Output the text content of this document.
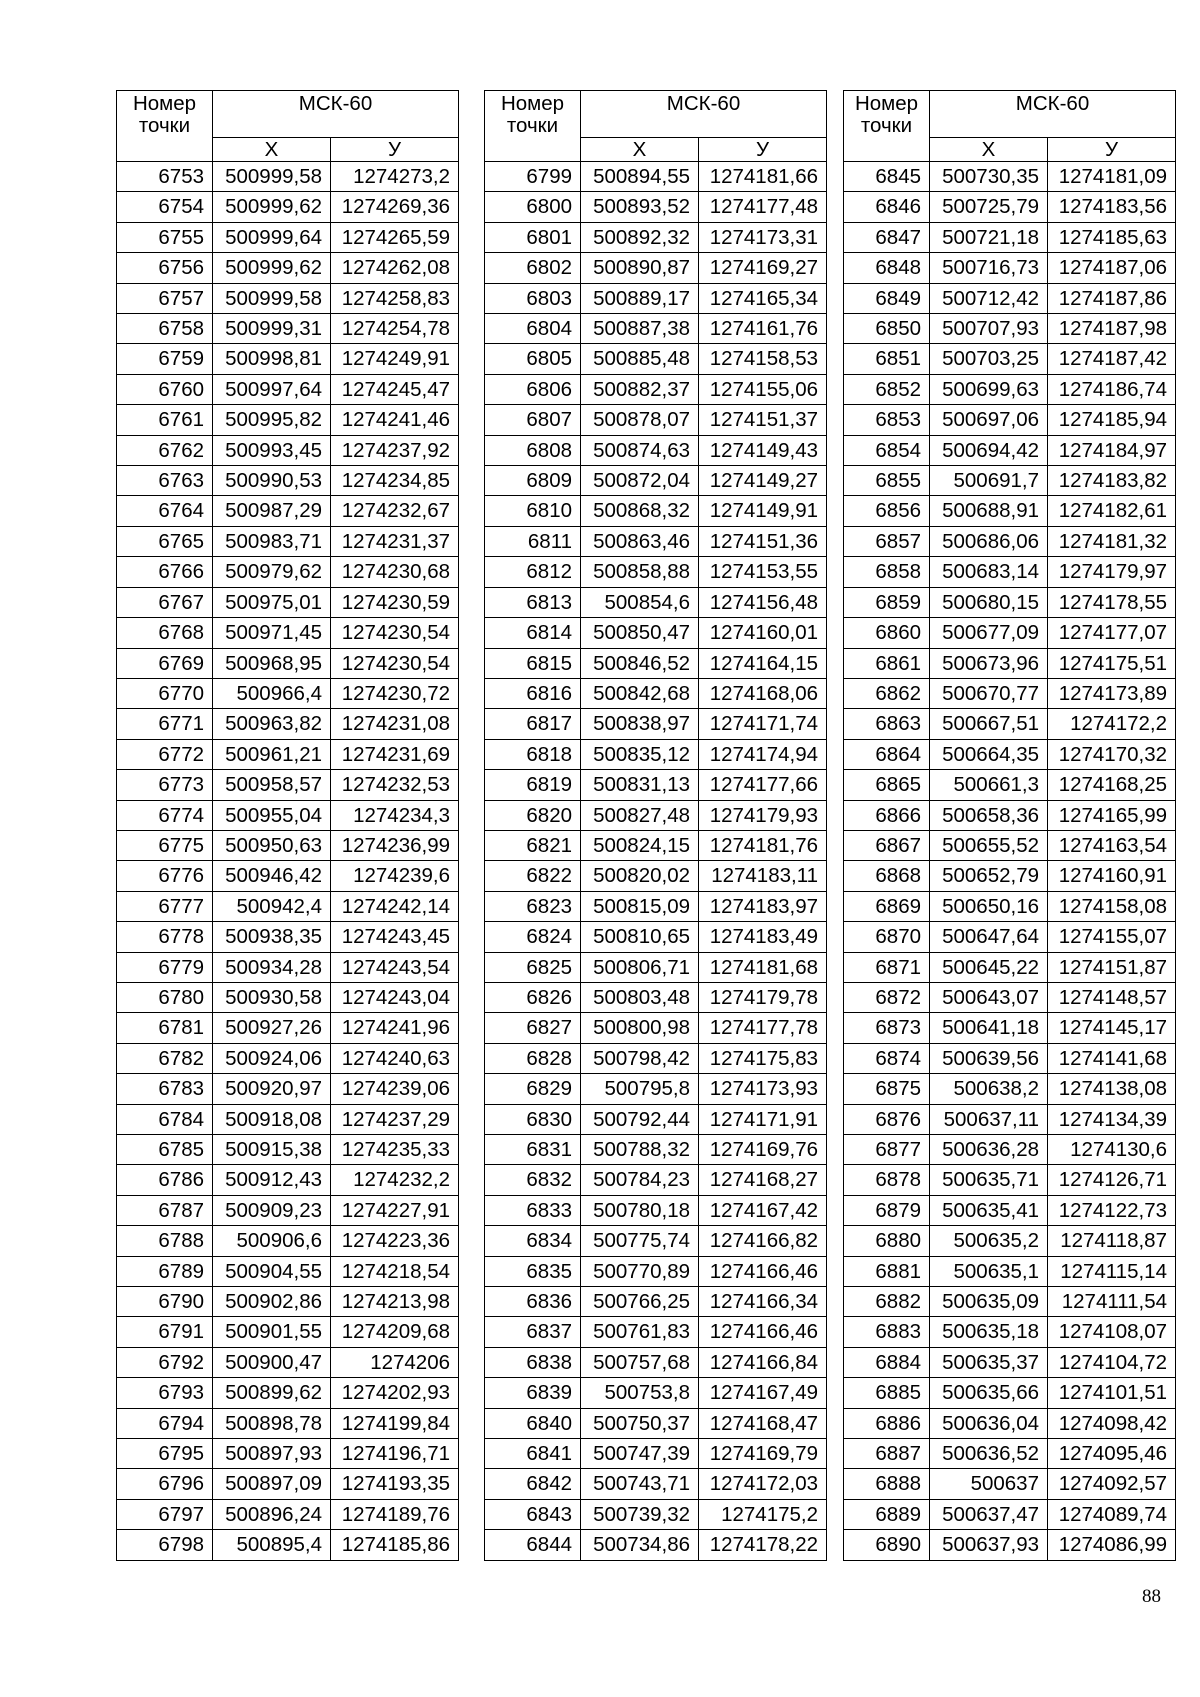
Номер точки	МСК-60	
	X	У
6753	500999,58	1274273,2
6754	500999,62	1274269,36
6755	500999,64	1274265,59
6756	500999,62	1274262,08
6757	500999,58	1274258,83
6758	500999,31	1274254,78
6759	500998,81	1274249,91
6760	500997,64	1274245,47
6761	500995,82	1274241,46
6762	500993,45	1274237,92
6763	500990,53	1274234,85
6764	500987,29	1274232,67
6765	500983,71	1274231,37
6766	500979,62	1274230,68
6767	500975,01	1274230,59
6768	500971,45	1274230,54
6769	500968,95	1274230,54
6770	500966,4	1274230,72
6771	500963,82	1274231,08
6772	500961,21	1274231,69
6773	500958,57	1274232,53
6774	500955,04	1274234,3
6775	500950,63	1274236,99
6776	500946,42	1274239,6
6777	500942,4	1274242,14
6778	500938,35	1274243,45
6779	500934,28	1274243,54
6780	500930,58	1274243,04
6781	500927,26	1274241,96
6782	500924,06	1274240,63
6783	500920,97	1274239,06
6784	500918,08	1274237,29
6785	500915,38	1274235,33
6786	500912,43	1274232,2
6787	500909,23	1274227,91
6788	500906,6	1274223,36
6789	500904,55	1274218,54
6790	500902,86	1274213,98
6791	500901,55	1274209,68
6792	500900,47	1274206
6793	500899,62	1274202,93
6794	500898,78	1274199,84
6795	500897,93	1274196,71
6796	500897,09	1274193,35
6797	500896,24	1274189,76
6798	500895,4	1274185,86
Номер точки	МСК-60	
	X	У
6799	500894,55	1274181,66
6800	500893,52	1274177,48
6801	500892,32	1274173,31
6802	500890,87	1274169,27
6803	500889,17	1274165,34
6804	500887,38	1274161,76
6805	500885,48	1274158,53
6806	500882,37	1274155,06
6807	500878,07	1274151,37
6808	500874,63	1274149,43
6809	500872,04	1274149,27
6810	500868,32	1274149,91
6811	500863,46	1274151,36
6812	500858,88	1274153,55
6813	500854,6	1274156,48
6814	500850,47	1274160,01
6815	500846,52	1274164,15
6816	500842,68	1274168,06
6817	500838,97	1274171,74
6818	500835,12	1274174,94
6819	500831,13	1274177,66
6820	500827,48	1274179,93
6821	500824,15	1274181,76
6822	500820,02	1274183,11
6823	500815,09	1274183,97
6824	500810,65	1274183,49
6825	500806,71	1274181,68
6826	500803,48	1274179,78
6827	500800,98	1274177,78
6828	500798,42	1274175,83
6829	500795,8	1274173,93
6830	500792,44	1274171,91
6831	500788,32	1274169,76
6832	500784,23	1274168,27
6833	500780,18	1274167,42
6834	500775,74	1274166,82
6835	500770,89	1274166,46
6836	500766,25	1274166,34
6837	500761,83	1274166,46
6838	500757,68	1274166,84
6839	500753,8	1274167,49
6840	500750,37	1274168,47
6841	500747,39	1274169,79
6842	500743,71	1274172,03
6843	500739,32	1274175,2
6844	500734,86	1274178,22
Номер точки	МСК-60	
	X	У
6845	500730,35	1274181,09
6846	500725,79	1274183,56
6847	500721,18	1274185,63
6848	500716,73	1274187,06
6849	500712,42	1274187,86
6850	500707,93	1274187,98
6851	500703,25	1274187,42
6852	500699,63	1274186,74
6853	500697,06	1274185,94
6854	500694,42	1274184,97
6855	500691,7	1274183,82
6856	500688,91	1274182,61
6857	500686,06	1274181,32
6858	500683,14	1274179,97
6859	500680,15	1274178,55
6860	500677,09	1274177,07
6861	500673,96	1274175,51
6862	500670,77	1274173,89
6863	500667,51	1274172,2
6864	500664,35	1274170,32
6865	500661,3	1274168,25
6866	500658,36	1274165,99
6867	500655,52	1274163,54
6868	500652,79	1274160,91
6869	500650,16	1274158,08
6870	500647,64	1274155,07
6871	500645,22	1274151,87
6872	500643,07	1274148,57
6873	500641,18	1274145,17
6874	500639,56	1274141,68
6875	500638,2	1274138,08
6876	500637,11	1274134,39
6877	500636,28	1274130,6
6878	500635,71	1274126,71
6879	500635,41	1274122,73
6880	500635,2	1274118,87
6881	500635,1	1274115,14
6882	500635,09	1274111,54
6883	500635,18	1274108,07
6884	500635,37	1274104,72
6885	500635,66	1274101,51
6886	500636,04	1274098,42
6887	500636,52	1274095,46
6888	500637	1274092,57
6889	500637,47	1274089,74
6890	500637,93	1274086,99
88
